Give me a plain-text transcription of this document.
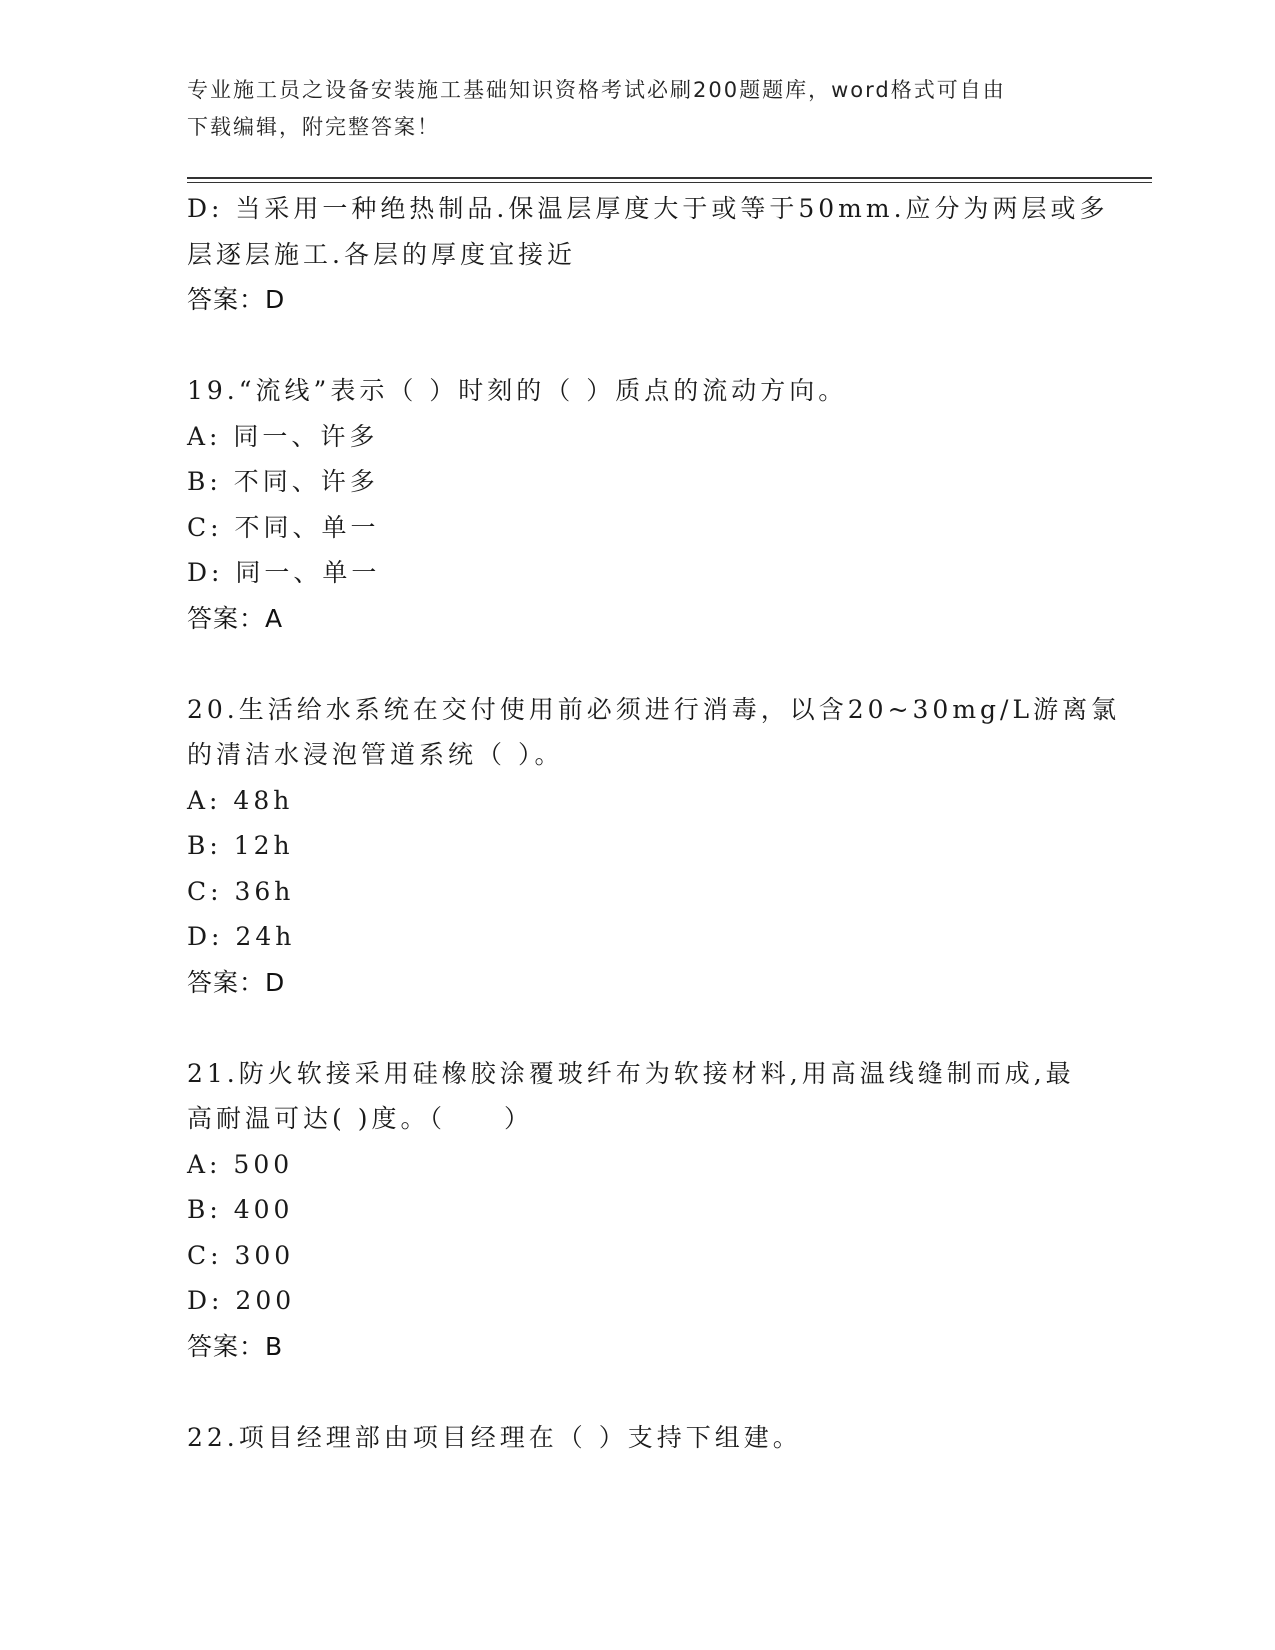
专业施工员之设备安装施工基础知识资格考试必刷200题题库，word格式可自由
下载编辑，附完整答案！
D: 当采用一种绝热制品.保温层厚度大于或等于50mm.应分为两层或多
层逐层施工.各层的厚度宜接近
答案：D
19.“流线”表示（ ）时刻的（ ）质点的流动方向。
A: 同一、许多
B: 不同、许多
C: 不同、单一
D: 同一、单一
答案：A
20.生活给水系统在交付使用前必须进行消毒，以含20~30mg/L游离氯
的清洁水浸泡管道系统（ ）。
A: 48h
B: 12h
C: 36h
D: 24h
答案：D
21.防火软接采用硅橡胶涂覆玻纤布为软接材料,用高温线缝制而成,最
高耐温可达( )度。（　　）
A: 500
B: 400
C: 300
D: 200
答案：B
22.项目经理部由项目经理在（ ）支持下组建。
